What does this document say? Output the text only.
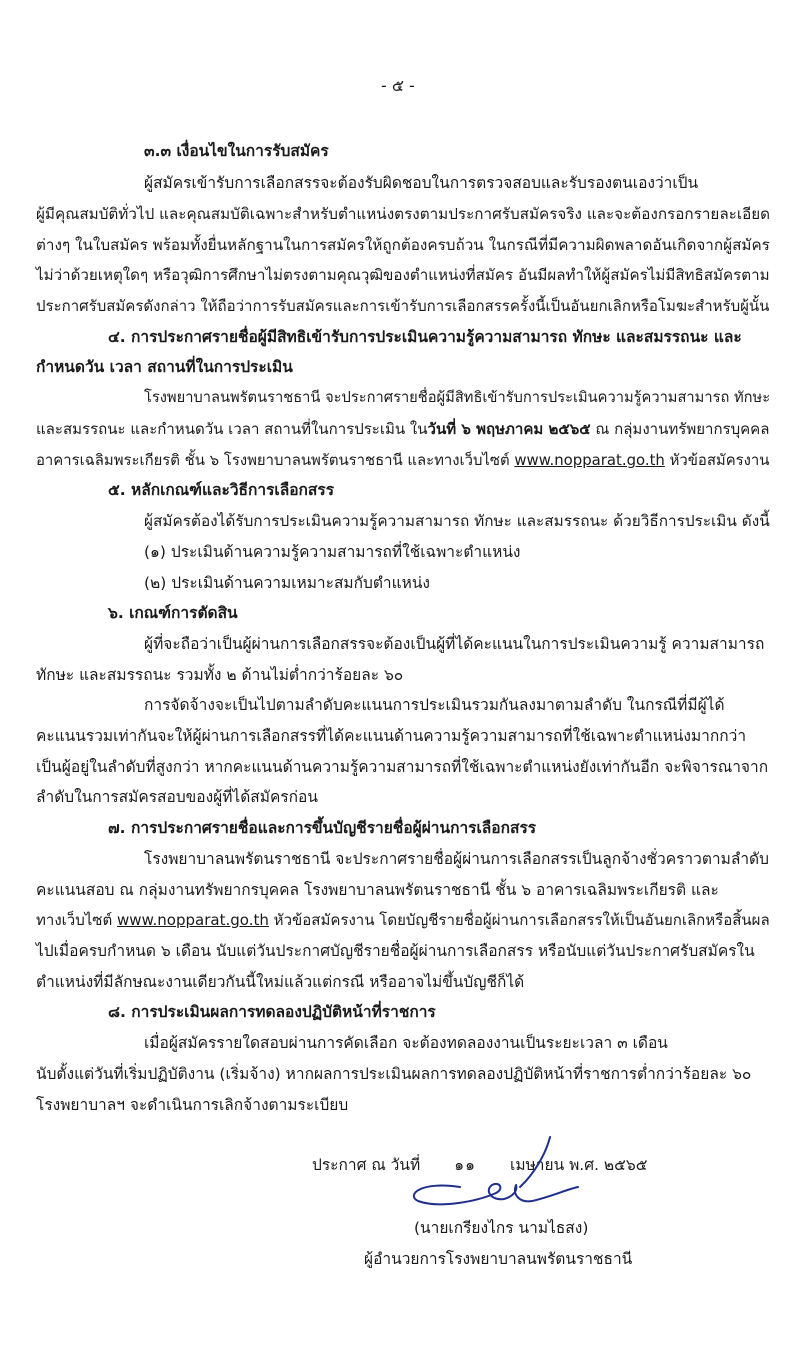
- ๕ -
๓.๓ เงื่อนไขในการรับสมัคร
ผู้สมัครเข้ารับการเลือกสรรจะต้องรับผิดชอบในการตรวจสอบและรับรองตนเองว่าเป็น
ผู้มีคุณสมบัติทั่วไป และคุณสมบัติเฉพาะสำหรับตำแหน่งตรงตามประกาศรับสมัครจริง และจะต้องกรอกรายละเอียด
ต่างๆ ในใบสมัคร พร้อมทั้งยื่นหลักฐานในการสมัครให้ถูกต้องครบถ้วน ในกรณีที่มีความผิดพลาดอันเกิดจากผู้สมัคร
ไม่ว่าด้วยเหตุใดๆ หรือวุฒิการศึกษาไม่ตรงตามคุณวุฒิของตำแหน่งที่สมัคร อันมีผลทำให้ผู้สมัครไม่มีสิทธิสมัครตาม
ประกาศรับสมัครดังกล่าว ให้ถือว่าการรับสมัครและการเข้ารับการเลือกสรรครั้งนี้เป็นอันยกเลิกหรือโมฆะสำหรับผู้นั้น
๔. การประกาศรายชื่อผู้มีสิทธิเข้ารับการประเมินความรู้ความสามารถ ทักษะ และสมรรถนะ และ
กำหนดวัน เวลา สถานที่ในการประเมิน
โรงพยาบาลนพรัตนราชธานี จะประกาศรายชื่อผู้มีสิทธิเข้ารับการประเมินความรู้ความสามารถ ทักษะ
และสมรรถนะ และกำหนดวัน เวลา สถานที่ในการประเมิน ในวันที่ ๖ พฤษภาคม ๒๕๖๕ ณ กลุ่มงานทรัพยากรบุคคล
อาคารเฉลิมพระเกียรติ ชั้น ๖ โรงพยาบาลนพรัตนราชธานี และทางเว็บไซต์ www.nopparat.go.th หัวข้อสมัครงาน
๕. หลักเกณฑ์และวิธีการเลือกสรร
ผู้สมัครต้องได้รับการประเมินความรู้ความสามารถ ทักษะ และสมรรถนะ ด้วยวิธีการประเมิน ดังนี้
(๑) ประเมินด้านความรู้ความสามารถที่ใช้เฉพาะตำแหน่ง
(๒) ประเมินด้านความเหมาะสมกับตำแหน่ง
๖. เกณฑ์การตัดสิน
ผู้ที่จะถือว่าเป็นผู้ผ่านการเลือกสรรจะต้องเป็นผู้ที่ได้คะแนนในการประเมินความรู้ ความสามารถ
ทักษะ และสมรรถนะ รวมทั้ง ๒ ด้านไม่ต่ำกว่าร้อยละ ๖๐
การจัดจ้างจะเป็นไปตามลำดับคะแนนการประเมินรวมกันลงมาตามลำดับ ในกรณีที่มีผู้ได้
คะแนนรวมเท่ากันจะให้ผู้ผ่านการเลือกสรรที่ได้คะแนนด้านความรู้ความสามารถที่ใช้เฉพาะตำแหน่งมากกว่า
เป็นผู้อยู่ในลำดับที่สูงกว่า หากคะแนนด้านความรู้ความสามารถที่ใช้เฉพาะตำแหน่งยังเท่ากันอีก จะพิจารณาจาก
ลำดับในการสมัครสอบของผู้ที่ได้สมัครก่อน
๗. การประกาศรายชื่อและการขึ้นบัญชีรายชื่อผู้ผ่านการเลือกสรร
โรงพยาบาลนพรัตนราชธานี จะประกาศรายชื่อผู้ผ่านการเลือกสรรเป็นลูกจ้างชั่วคราวตามลำดับ
คะแนนสอบ ณ กลุ่มงานทรัพยากรบุคคล โรงพยาบาลนพรัตนราชธานี ชั้น ๖ อาคารเฉลิมพระเกียรติ และ
ทางเว็บไซต์ www.nopparat.go.th หัวข้อสมัครงาน โดยบัญชีรายชื่อผู้ผ่านการเลือกสรรให้เป็นอันยกเลิกหรือสิ้นผล
ไปเมื่อครบกำหนด ๖ เดือน นับแต่วันประกาศบัญชีรายชื่อผู้ผ่านการเลือกสรร หรือนับแต่วันประกาศรับสมัครใน
ตำแหน่งที่มีลักษณะงานเดียวกันนี้ใหม่แล้วแต่กรณี หรืออาจไม่ขึ้นบัญชีก็ได้
๘. การประเมินผลการทดลองปฏิบัติหน้าที่ราชการ
เมื่อผู้สมัครรายใดสอบผ่านการคัดเลือก จะต้องทดลองงานเป็นระยะเวลา ๓ เดือน
นับตั้งแต่วันที่เริ่มปฏิบัติงาน (เริ่มจ้าง) หากผลการประเมินผลการทดลองปฏิบัติหน้าที่ราชการต่ำกว่าร้อยละ ๖๐
โรงพยาบาลฯ จะดำเนินการเลิกจ้างตามระเบียบ
ประกาศ ณ วันที่ ๑๑ เมษายน พ.ศ. ๒๕๖๕
(นายเกรียงไกร นามไธสง)
ผู้อำนวยการโรงพยาบาลนพรัตนราชธานี
